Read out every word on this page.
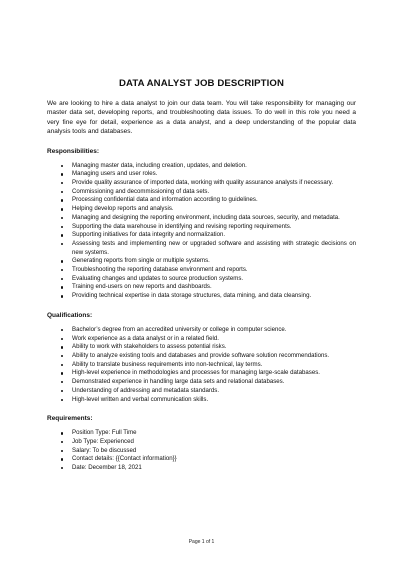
DATA ANALYST JOB DESCRIPTION
We are looking to hire a data analyst to join our data team. You will take responsibility for managing our master data set, developing reports, and troubleshooting data issues. To do well in this role you need a very fine eye for detail, experience as a data analyst, and a deep understanding of the popular data analysis tools and databases.
Responsibilities:
Managing master data, including creation, updates, and deletion.
Managing users and user roles.
Provide quality assurance of imported data, working with quality assurance analysts if necessary.
Commissioning and decommissioning of data sets.
Processing confidential data and information according to guidelines.
Helping develop reports and analysis.
Managing and designing the reporting environment, including data sources, security, and metadata.
Supporting the data warehouse in identifying and revising reporting requirements.
Supporting initiatives for data integrity and normalization.
Assessing tests and implementing new or upgraded software and assisting with strategic decisions on new systems.
Generating reports from single or multiple systems.
Troubleshooting the reporting database environment and reports.
Evaluating changes and updates to source production systems.
Training end-users on new reports and dashboards.
Providing technical expertise in data storage structures, data mining, and data cleansing.
Qualifications:
Bachelor’s degree from an accredited university or college in computer science.
Work experience as a data analyst or in a related field.
Ability to work with stakeholders to assess potential risks.
Ability to analyze existing tools and databases and provide software solution recommendations.
Ability to translate business requirements into non-technical, lay terms.
High-level experience in methodologies and processes for managing large-scale databases.
Demonstrated experience in handling large data sets and relational databases.
Understanding of addressing and metadata standards.
High-level written and verbal communication skills.
Requirements:
Position Type: Full Time
Job Type: Experienced
Salary: To be discussed
Contact details: {{Contact information}}
Date: December 18, 2021
Page 1 of 1
